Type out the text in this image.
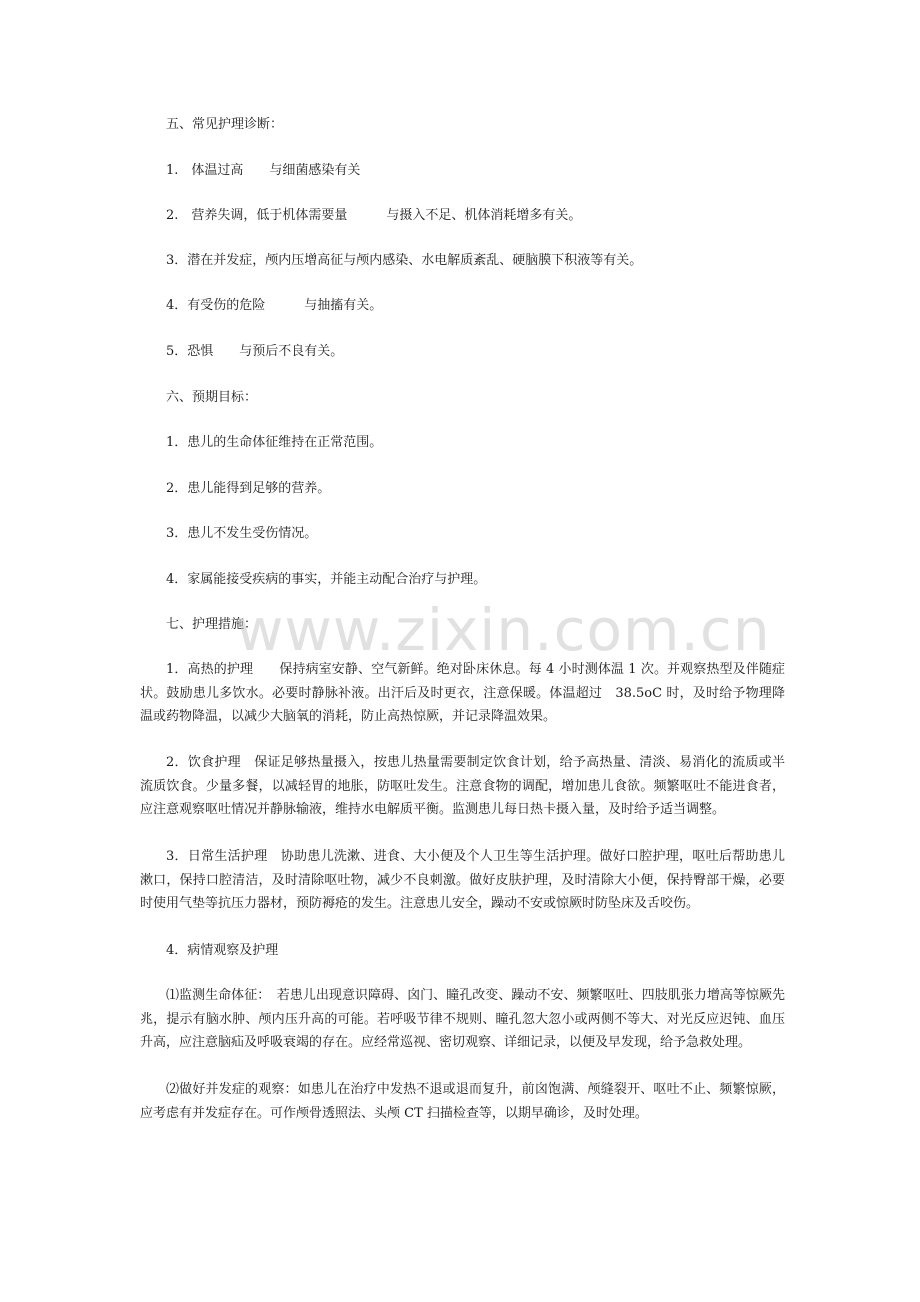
五、常见护理诊断：

1.　体温过高　　与细菌感染有关

2.　营养失调，低于机体需要量　　　与摄入不足、机体消耗增多有关。

3．潜在并发症，颅内压增高征与颅内感染、水电解质紊乱、硬脑膜下积液等有关。

4．有受伤的危险　　　与抽搐有关。

5．恐惧　　与预后不良有关。

六、预期目标：

1．患儿的生命体征维持在正常范围。

2．患儿能得到足够的营养。

3．患儿不发生受伤情况。

4．家属能接受疾病的事实，并能主动配合治疗与护理。

七、护理措施：

1．高热的护理　　保持病室安静、空气新鲜。绝对卧床休息。每 4 小时测体温 1 次。并观察热型及伴随症状。鼓励患儿多饮水。必要时静脉补液。出汗后及时更衣，注意保暖。体温超过　38.5oC 时，及时给予物理降温或药物降温，以减少大脑氧的消耗，防止高热惊厥，并记录降温效果。

2．饮食护理　保证足够热量摄入，按患儿热量需要制定饮食计划，给予高热量、清淡、易消化的流质或半流质饮食。少量多餐，以减轻胃的地胀，防呕吐发生。注意食物的调配，增加患儿食欲。频繁呕吐不能进食者，应注意观察呕吐情况并静脉输液，维持水电解质平衡。监测患儿每日热卡摄入量，及时给予适当调整。

3．日常生活护理　协助患儿洗漱、进食、大小便及个人卫生等生活护理。做好口腔护理，呕吐后帮助患儿漱口，保持口腔清洁，及时清除呕吐物，减少不良刺激。做好皮肤护理，及时清除大小便，保持臀部干燥，必要时使用气垫等抗压力器材，预防褥疮的发生。注意患儿安全，躁动不安或惊厥时防坠床及舌咬伤。

4．病情观察及护理

⑴监测生命体征：　若患儿出现意识障碍、囟门、瞳孔改变、躁动不安、频繁呕吐、四肢肌张力增高等惊厥先兆，提示有脑水肿、颅内压升高的可能。若呼吸节律不规则、瞳孔忽大忽小或两侧不等大、对光反应迟钝、血压升高，应注意脑疝及呼吸衰竭的存在。应经常巡视、密切观察、详细记录，以便及早发现，给予急救处理。

⑵做好并发症的观察：如患儿在治疗中发热不退或退而复升，前囟饱满、颅缝裂开、呕吐不止、频繁惊厥，应考虑有并发症存在。可作颅骨透照法、头颅 CT 扫描检查等，以期早确诊，及时处理。

www.zixin.com.cn
